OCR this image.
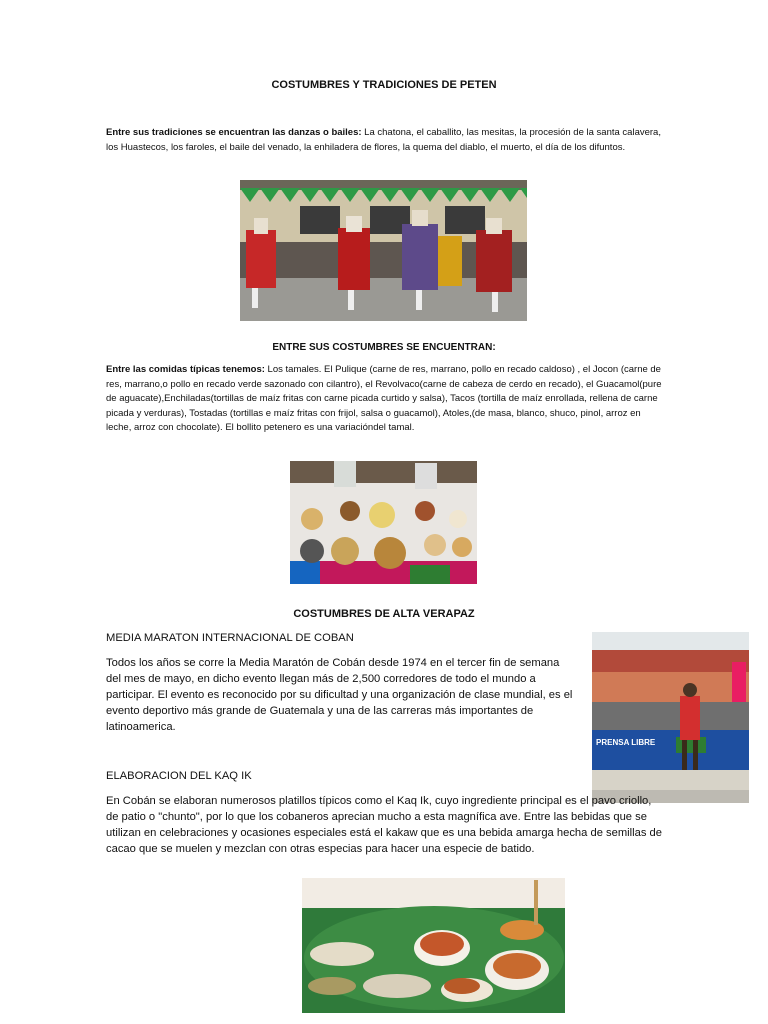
COSTUMBRES Y TRADICIONES DE PETEN
Entre sus tradiciones se encuentran las danzas o bailes: La chatona, el caballito, las mesitas, la procesión de la santa calavera, los Huastecos, los faroles, el baile del venado, la enhiladera de flores, la quema del diablo, el muerto, el día de los difuntos.
ENTRE SUS COSTUMBRES SE ENCUENTRAN:
Entre las comidas típicas tenemos: Los tamales. El Pulique (carne de res, marrano, pollo en recado caldoso) , el Jocon (carne de res, marrano,o pollo en recado verde sazonado con cilantro), el Revolvaco(carne de cabeza de cerdo en recado), el Guacamol(pure de aguacate),Enchiladas(tortillas de maíz fritas con carne picada curtido y salsa), Tacos (tortilla de maíz enrollada, rellena de carne picada y verduras), Tostadas (tortillas e maíz fritas con frijol, salsa o guacamol), Atoles,(de masa, blanco, shuco, pinol, arroz en leche, arroz con chocolate). El bollito petenero es una variacióndel tamal.
COSTUMBRES DE ALTA VERAPAZ
MEDIA MARATON INTERNACIONAL DE COBAN
Todos los años se corre la Media Maratón de Cobán desde 1974 en el tercer fin de semana del mes de mayo, en dicho evento llegan más de 2,500 corredores de todo el mundo a participar. El evento es reconocido por su dificultad y una organización de clase mundial, es el evento deportivo más grande de Guatemala y una de las carreras más importantes de latinoamerica.
PRENSA LIBRE
ELABORACION DEL KAQ IK
En Cobán se elaboran numerosos platillos típicos como el Kaq Ik, cuyo ingrediente principal es el pavo criollo, de patio o "chunto", por lo que los cobaneros aprecian mucho a esta magnífica ave. Entre las bebidas que se utilizan en celebraciones y ocasiones especiales está el kakaw que es una bebida amarga hecha de semillas de cacao que se muelen y mezclan con otras especias para hacer una especie de batido.
